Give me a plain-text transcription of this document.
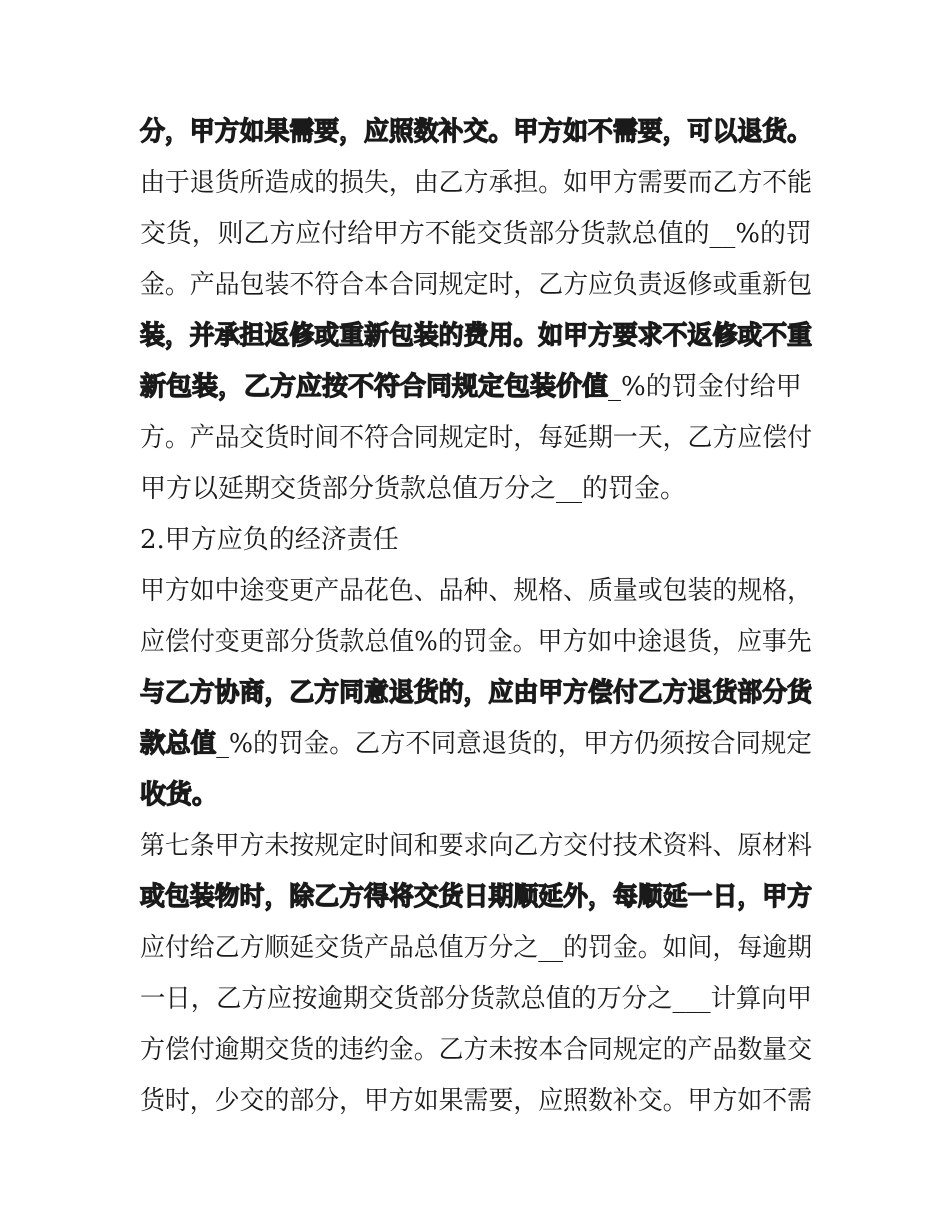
分，甲方如果需要，应照数补交。甲方如不需要，可以退货。
由于退货所造成的损失，由乙方承担。如甲方需要而乙方不能
交货，则乙方应付给甲方不能交货部分货款总值的__%的罚
金。产品包装不符合本合同规定时，乙方应负责返修或重新包
装，并承担返修或重新包装的费用。如甲方要求不返修或不重
新包装，乙方应按不符合同规定包装价值_%的罚金付给甲
方。产品交货时间不符合同规定时，每延期一天，乙方应偿付
甲方以延期交货部分货款总值万分之__的罚金。
2.甲方应负的经济责任
甲方如中途变更产品花色、品种、规格、质量或包装的规格，
应偿付变更部分货款总值%的罚金。甲方如中途退货，应事先
与乙方协商，乙方同意退货的，应由甲方偿付乙方退货部分货
款总值_%的罚金。乙方不同意退货的，甲方仍须按合同规定
收货。
第七条甲方未按规定时间和要求向乙方交付技术资料、原材料
或包装物时，除乙方得将交货日期顺延外，每顺延一日，甲方
应付给乙方顺延交货产品总值万分之__的罚金。如间，每逾期
一日，乙方应按逾期交货部分货款总值的万分之___计算向甲
方偿付逾期交货的违约金。乙方未按本合同规定的产品数量交
货时，少交的部分，甲方如果需要，应照数补交。甲方如不需
